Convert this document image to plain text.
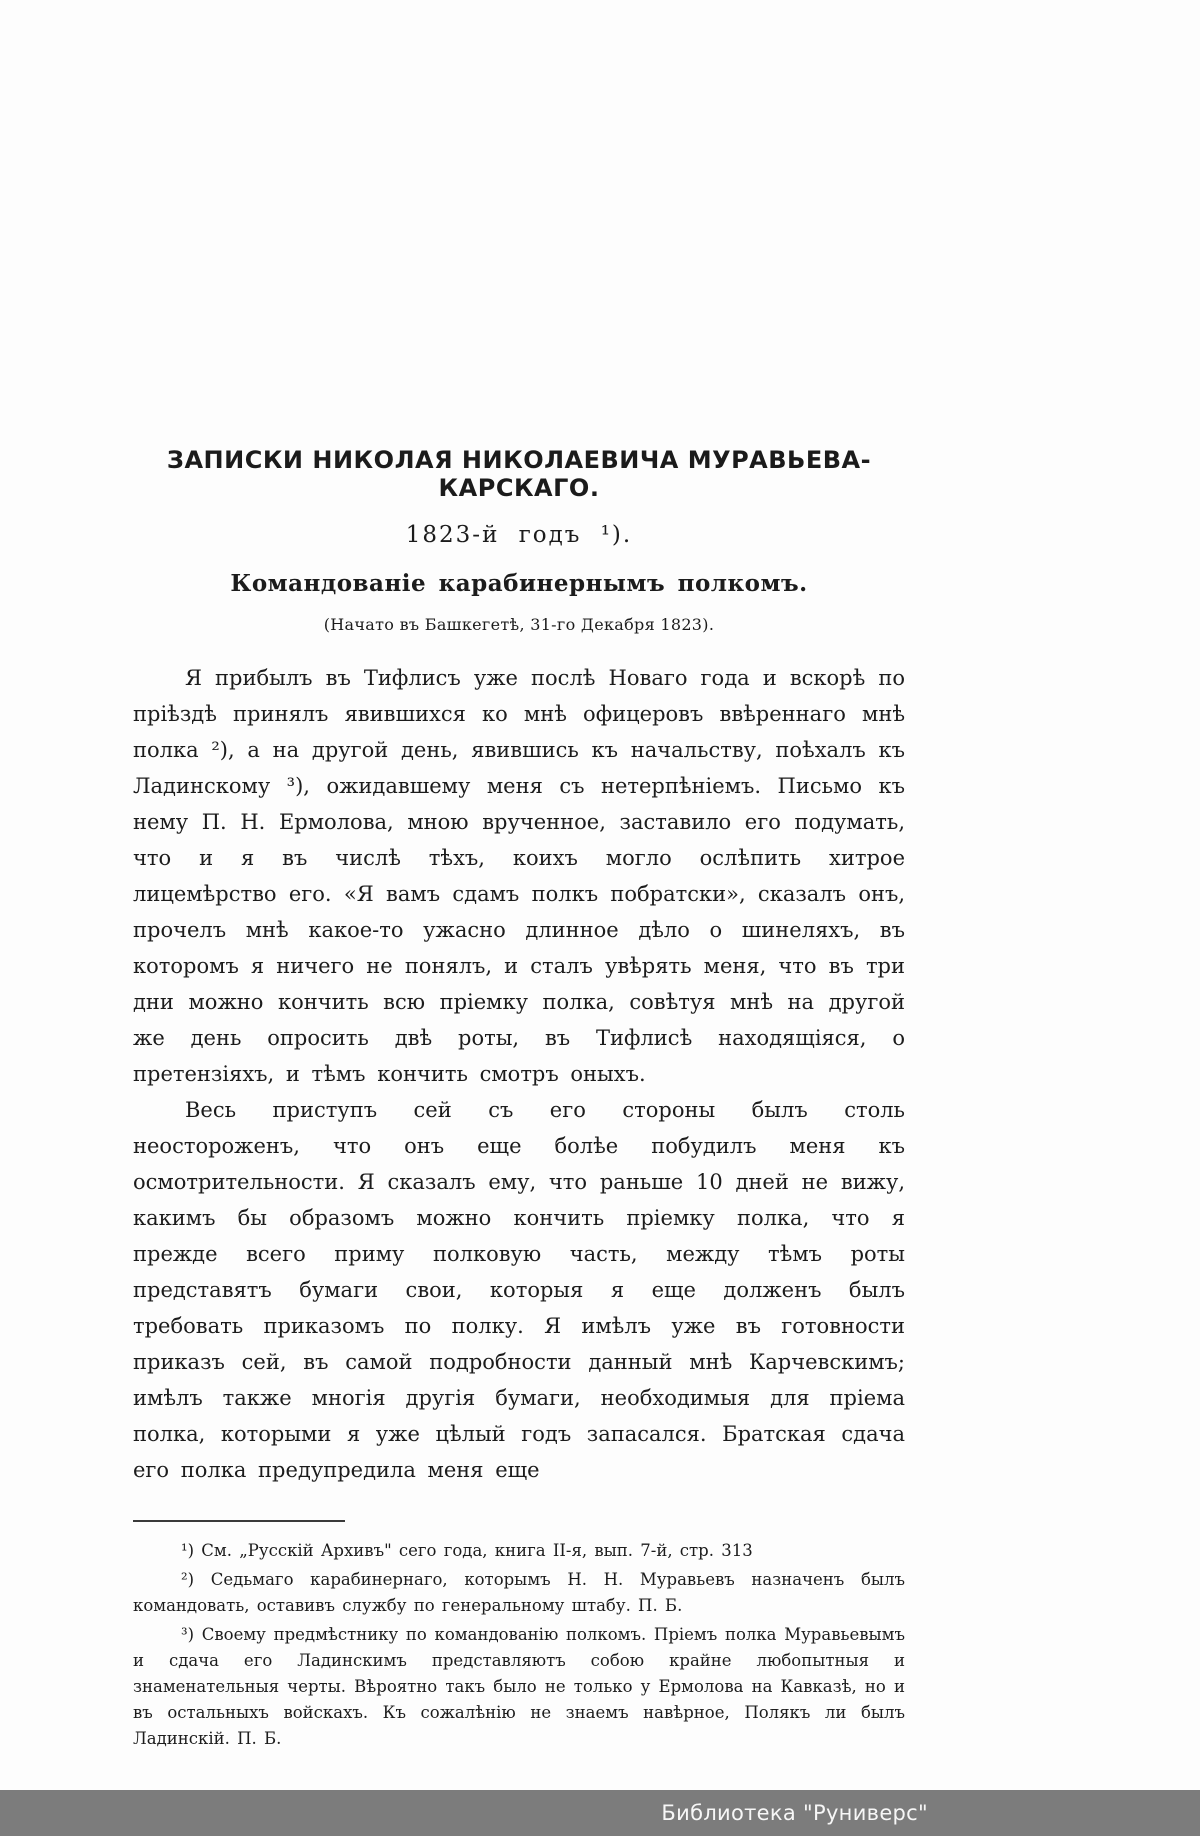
ЗАПИСКИ НИКОЛАЯ НИКОЛАЕВИЧА МУРАВЬЕВА-КАРСКАГО.
1823-й годъ ¹).
Командованіе карабинернымъ полкомъ.
(Начато въ Башкегетѣ, 31-го Декабря 1823).

Я прибылъ въ Тифлисъ уже послѣ Новаго года и вскорѣ по пріѣздѣ принялъ явившихся ко мнѣ офицеровъ ввѣреннаго мнѣ полка ²), а на другой день, явившись къ начальству, поѣхалъ къ Ладинскому ³), ожидавшему меня съ нетерпѣніемъ. Письмо къ нему П. Н. Ермолова, мною врученное, заставило его подумать, что и я въ числѣ тѣхъ, коихъ могло ослѣпить хитрое лицемѣрство его. «Я вамъ сдамъ полкъ побратски», сказалъ онъ, прочелъ мнѣ какое-то ужасно длинное дѣло о шинеляхъ, въ которомъ я ничего не понялъ, и сталъ увѣрять меня, что въ три дни можно кончить всю пріемку полка, совѣтуя мнѣ на другой же день опросить двѣ роты, въ Тифлисѣ находящіяся, о претензіяхъ, и тѣмъ кончить смотръ оныхъ.

Весь приступъ сей съ его стороны былъ столь неостороженъ, что онъ еще болѣе побудилъ меня къ осмотрительности. Я сказалъ ему, что раньше 10 дней не вижу, какимъ бы образомъ можно кончить пріемку полка, что я прежде всего приму полковую часть, между тѣмъ роты представятъ бумаги свои, которыя я еще долженъ былъ требовать приказомъ по полку. Я имѣлъ уже въ готовности приказъ сей, въ самой подробности данный мнѣ Карчевскимъ; имѣлъ также многія другія бумаги, необходимыя для пріема полка, которыми я уже цѣлый годъ запасался. Братская сдача его полка предупредила меня еще

¹) См. „Русскій Архивъ" сего года, книга ІІ-я, вып. 7-й, стр. 313

²) Седьмаго карабинернаго, которымъ Н. Н. Муравьевъ назначенъ былъ командовать, оставивъ службу по генеральному штабу. П. Б.

³) Своему предмѣстнику по командованію полкомъ. Пріемъ полка Муравьевымъ и сдача его Ладинскимъ представляютъ собою крайне любопытныя и знаменательныя черты. Вѣроятно такъ было не только у Ермолова на Кавказѣ, но и въ остальныхъ войскахъ. Къ сожалѣнію не знаемъ навѣрное, Полякъ ли былъ Ладинскій. П. Б.

Библиотека "Руниверс"
